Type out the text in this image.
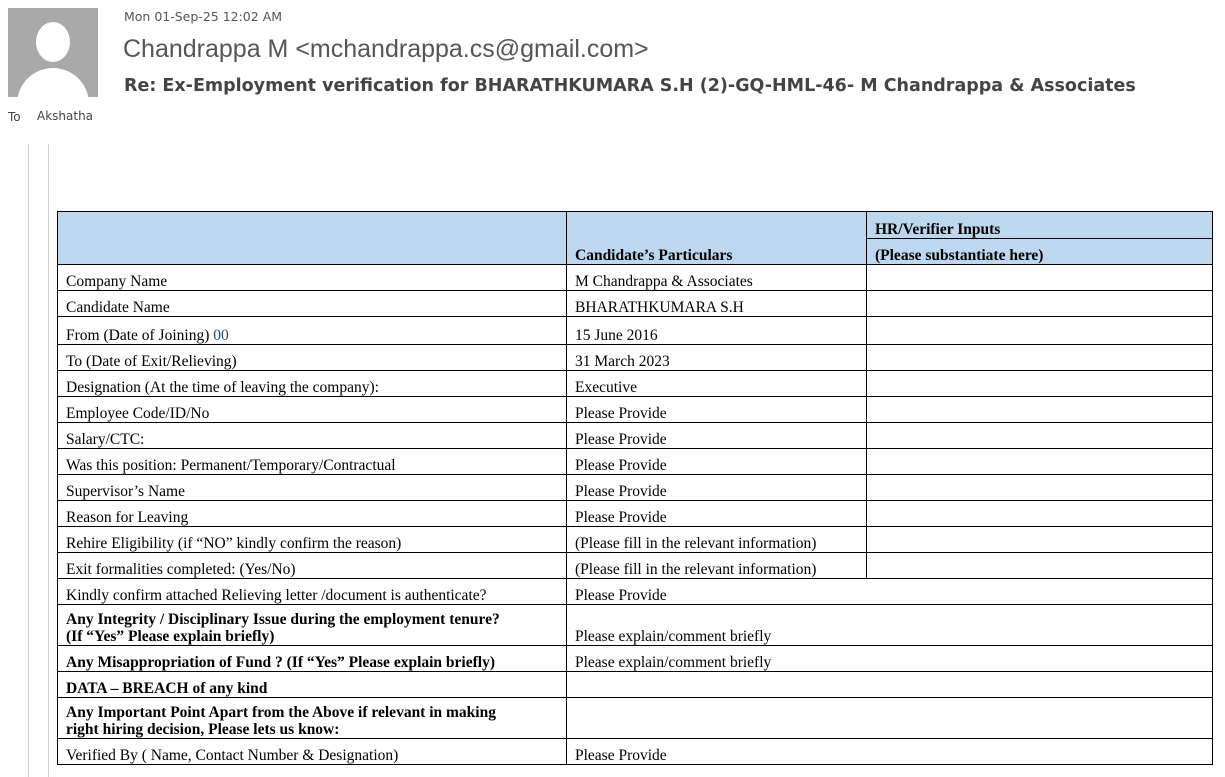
Mon 01-Sep-25 12:02 AM
Chandrappa M <mchandrappa.cs@gmail.com>
Re: Ex-Employment verification for BHARATHKUMARA S.H (2)-GQ-HML-46- M Chandrappa & Associates
To Akshatha
	Candidate’s Particulars	HR/Verifier Inputs
		(Please substantiate here)
Company Name	M Chandrappa & Associates	
Candidate Name	BHARATHKUMARA S.H	
From (Date of Joining) 00	15 June 2016	
To (Date of Exit/Relieving)	31 March 2023	
Designation (At the time of leaving the company):	Executive	
Employee Code/ID/No	Please Provide	
Salary/CTC:	Please Provide	
Was this position: Permanent/Temporary/Contractual	Please Provide	
Supervisor’s Name	Please Provide	
Reason for Leaving	Please Provide	
Rehire Eligibility (if “NO” kindly confirm the reason)	(Please fill in the relevant information)	
Exit formalities completed: (Yes/No)	(Please fill in the relevant information)	
Kindly confirm attached Relieving letter /document is authenticate?	Please Provide	

Any Integrity / Disciplinary Issue during the employment tenure?
(If “Yes” Please explain briefly)	Please explain/comment briefly	
Any Misappropriation of Fund ? (If “Yes” Please explain briefly)	Please explain/comment briefly	
DATA – BREACH of any kind		

Any Important Point Apart from the Above if relevant in making
right hiring decision, Please lets us know:		

Verified By ( Name, Contact Number & Designation)	Please Provide	
